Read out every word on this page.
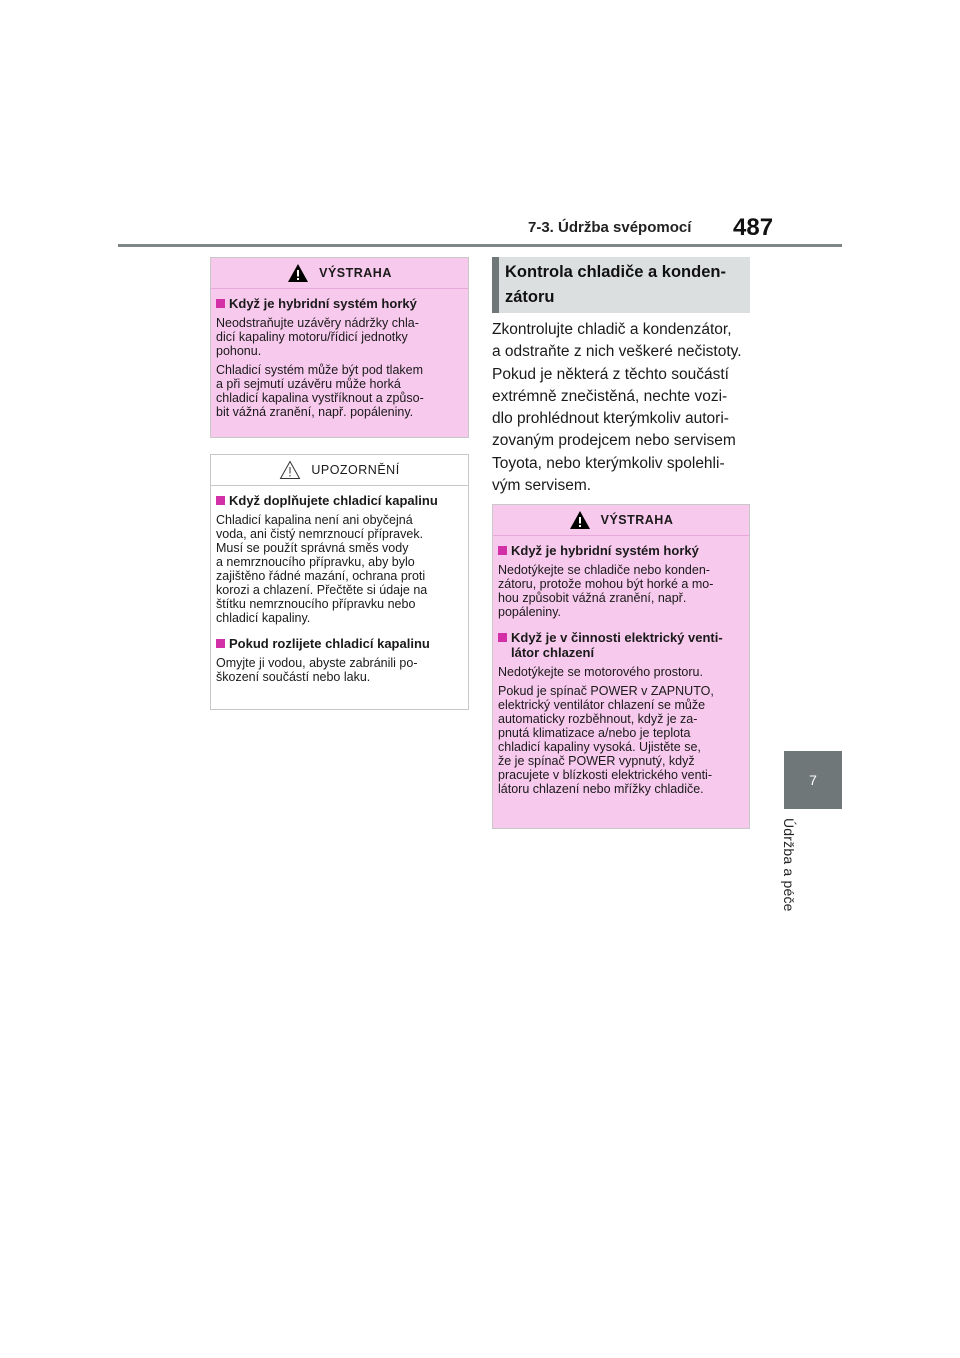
7-3. Údržba svépomocí 487
7
Údržba a péče
VÝSTRAHA
Když je hybridní systém horký

Neodstraňujte uzávěry nádržky chla-
dicí kapaliny motoru/řídicí jednotky
pohonu.

Chladicí systém může být pod tlakem
a při sejmutí uzávěru může horká
chladicí kapalina vystříknout a způso-
bit vážná zranění, např. popáleniny.

UPOZORNĚNÍ
Když doplňujete chladicí kapalinu

Chladicí kapalina není ani obyčejná
voda, ani čistý nemrznoucí přípravek.
Musí se použít správná směs vody
a nemrznoucího přípravku, aby bylo
zajištěno řádné mazání, ochrana proti
korozi a chlazení. Přečtěte si údaje na
štítku nemrznoucího přípravku nebo
chladicí kapaliny.

Pokud rozlijete chladicí kapalinu

Omyjte ji vodou, abyste zabránili po-
škození součástí nebo laku.

Kontrola chladiče a konden-
zátoru
Zkontrolujte chladič a kondenzátor,
a odstraňte z nich veškeré nečistoty.
Pokud je některá z těchto součástí
extrémně znečistěná, nechte vozi-
dlo prohlédnout kterýmkoliv autori-
zovaným prodejcem nebo servisem
Toyota, nebo kterýmkoliv spolehli-
vým servisem.
VÝSTRAHA
Když je hybridní systém horký

Nedotýkejte se chladiče nebo konden-
zátoru, protože mohou být horké a mo-
hou způsobit vážná zranění, např.
popáleniny.

Když je v činnosti elektrický venti-
látor chlazení

Nedotýkejte se motorového prostoru.

Pokud je spínač POWER v ZAPNUTO,
elektrický ventilátor chlazení se může
automaticky rozběhnout, když je za-
pnutá klimatizace a/nebo je teplota
chladicí kapaliny vysoká. Ujistěte se,
že je spínač POWER vypnutý, když
pracujete v blízkosti elektrického venti-
látoru chlazení nebo mřížky chladiče.
